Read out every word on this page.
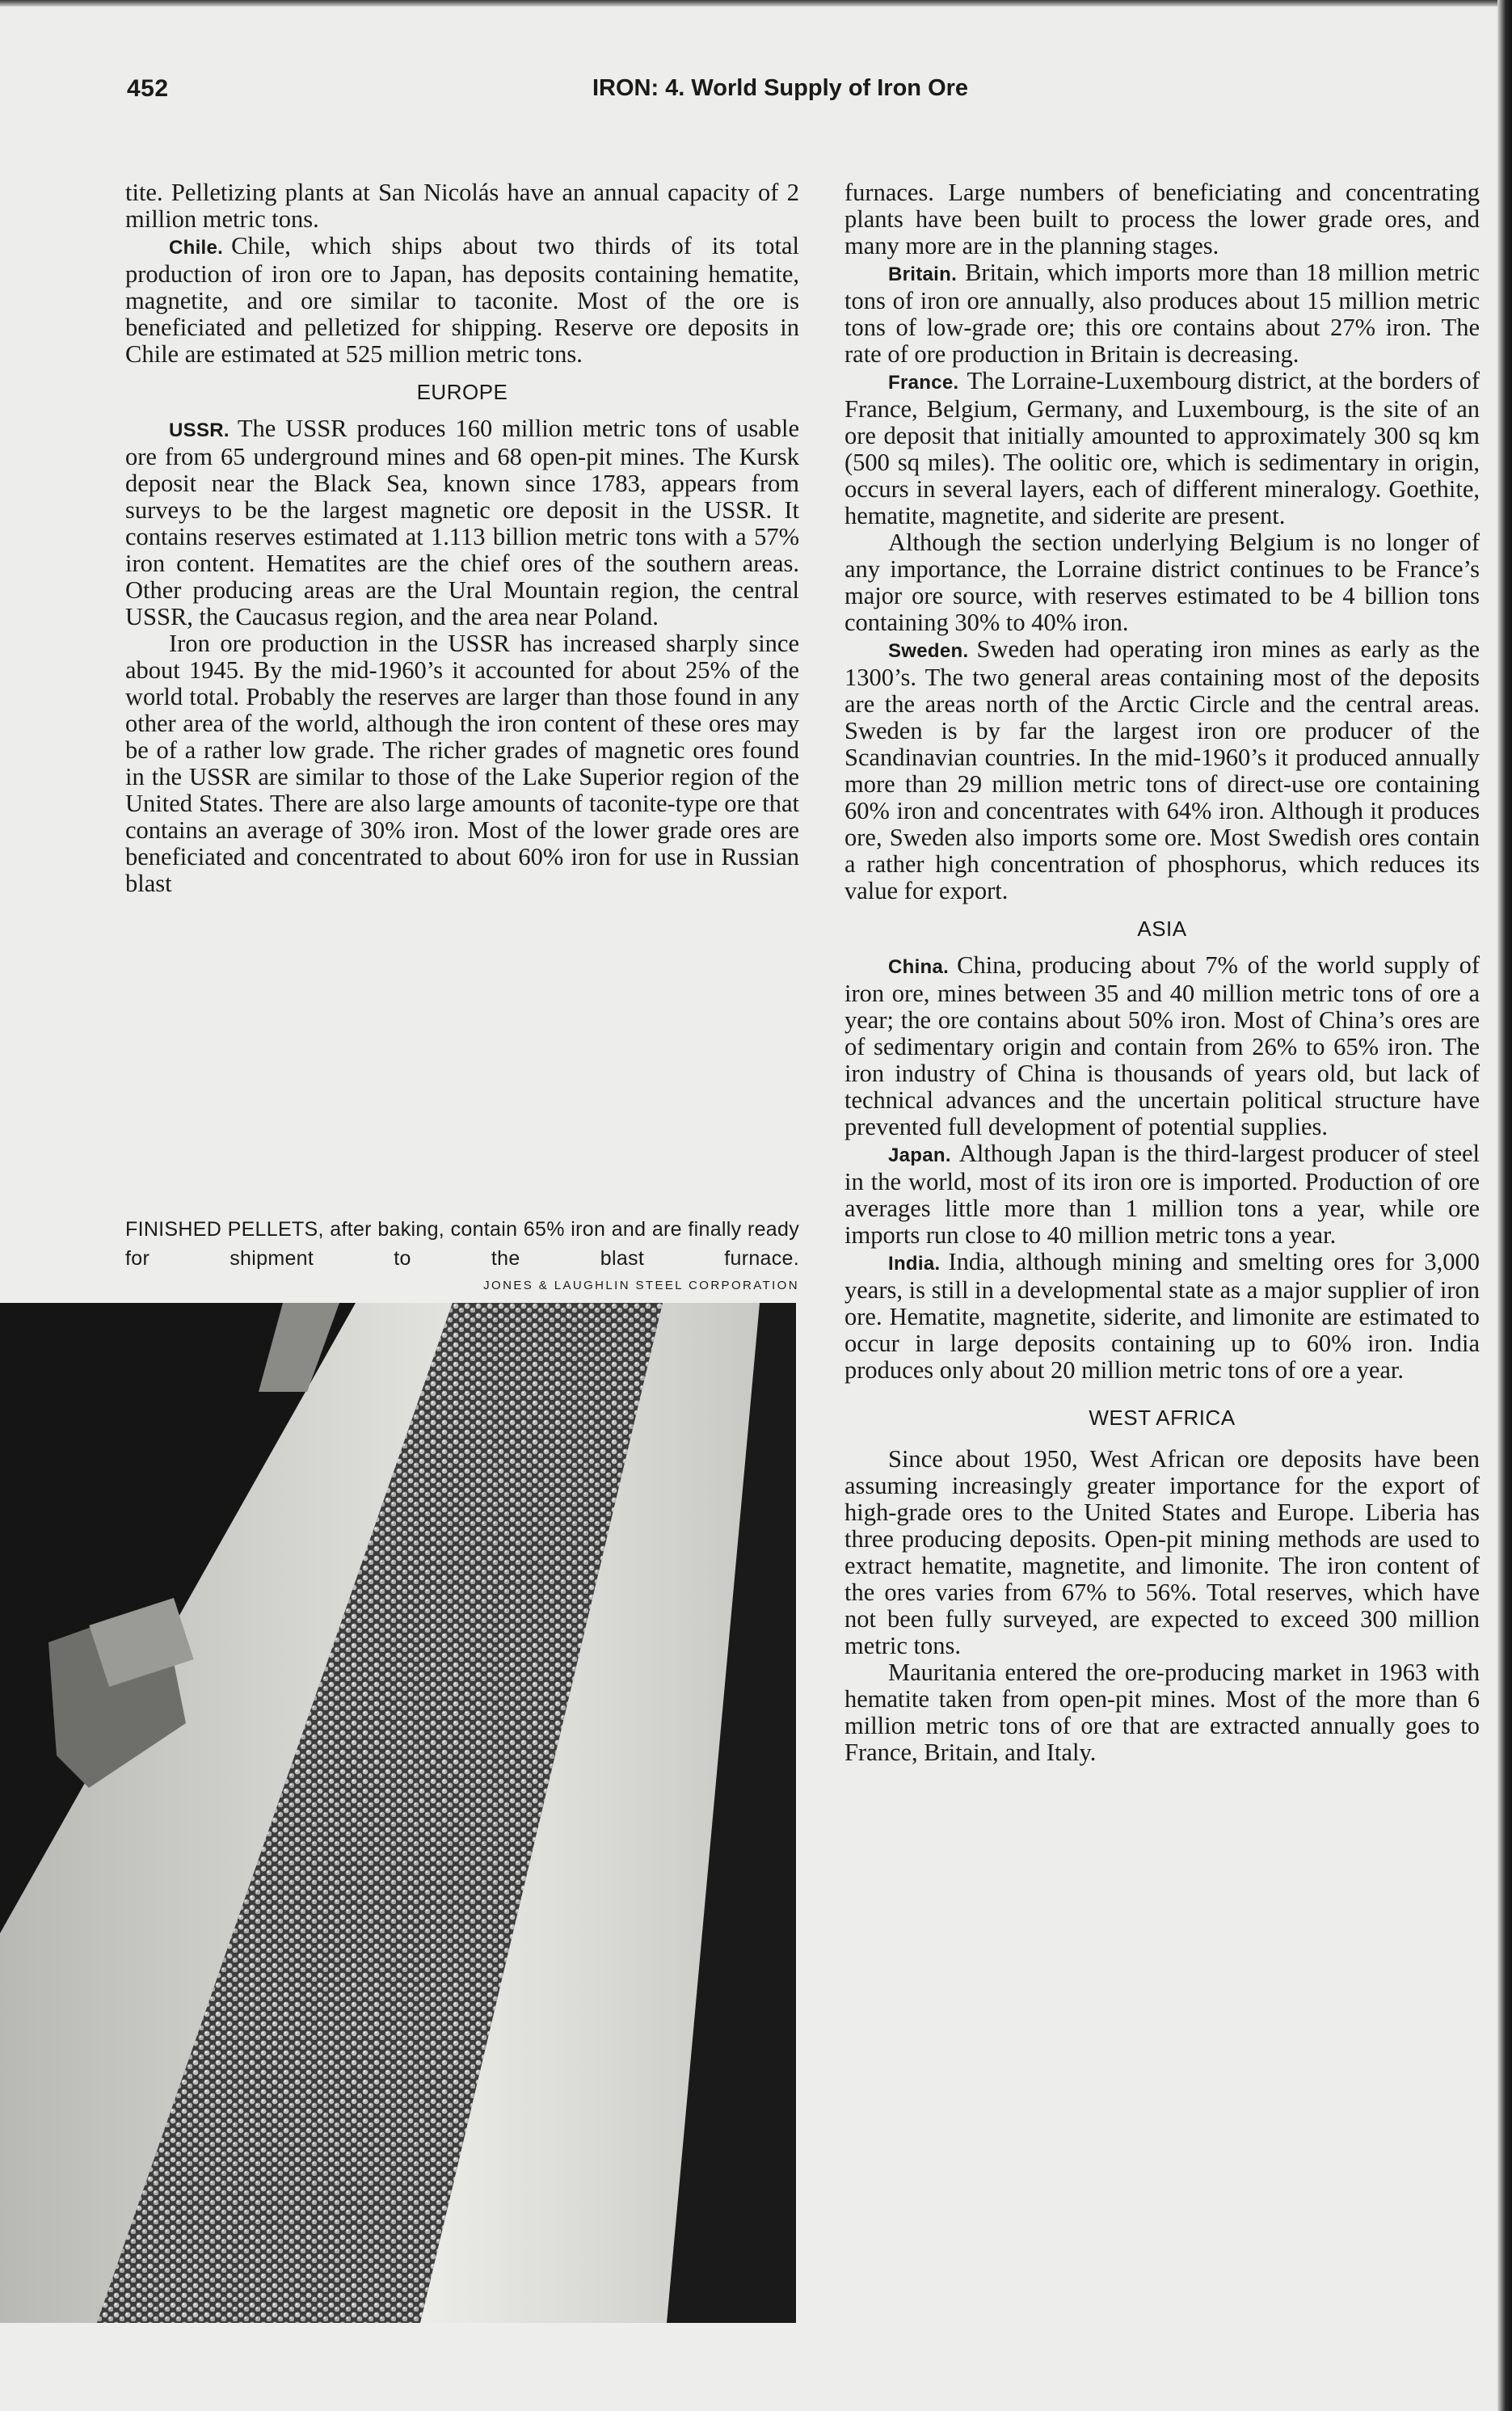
452	IRON: 4. World Supply of Iron Ore

tite. Pelletizing plants at San Nicolás have an annual capacity of 2 million metric tons.

Chile. Chile, which ships about two thirds of its total production of iron ore to Japan, has deposits containing hematite, magnetite, and ore similar to taconite. Most of the ore is beneficiated and pelletized for shipping. Reserve ore deposits in Chile are estimated at 525 million metric tons.

EUROPE

USSR. The USSR produces 160 million metric tons of usable ore from 65 underground mines and 68 open-pit mines. The Kursk deposit near the Black Sea, known since 1783, appears from surveys to be the largest magnetic ore deposit in the USSR. It contains reserves estimated at 1.113 billion metric tons with a 57% iron content. Hematites are the chief ores of the southern areas. Other producing areas are the Ural Mountain region, the central USSR, the Caucasus region, and the area near Poland.

Iron ore production in the USSR has increased sharply since about 1945. By the mid-1960’s it accounted for about 25% of the world total. Probably the reserves are larger than those found in any other area of the world, although the iron content of these ores may be of a rather low grade. The richer grades of magnetic ores found in the USSR are similar to those of the Lake Superior region of the United States. There are also large amounts of taconite-type ore that contains an average of 30% iron. Most of the lower grade ores are beneficiated and concentrated to about 60% iron for use in Russian blast

FINISHED PELLETS, after baking, contain 65% iron and are finally ready for shipment to the blast furnace.
JONES & LAUGHLIN STEEL CORPORATION

furnaces. Large numbers of beneficiating and concentrating plants have been built to process the lower grade ores, and many more are in the planning stages.

Britain. Britain, which imports more than 18 million metric tons of iron ore annually, also produces about 15 million metric tons of low-grade ore; this ore contains about 27% iron. The rate of ore production in Britain is decreasing.

France. The Lorraine-Luxembourg district, at the borders of France, Belgium, Germany, and Luxembourg, is the site of an ore deposit that initially amounted to approximately 300 sq km (500 sq miles). The oolitic ore, which is sedimentary in origin, occurs in several layers, each of different mineralogy. Goethite, hematite, magnetite, and siderite are present.

Although the section underlying Belgium is no longer of any importance, the Lorraine district continues to be France’s major ore source, with reserves estimated to be 4 billion tons containing 30% to 40% iron.

Sweden. Sweden had operating iron mines as early as the 1300’s. The two general areas containing most of the deposits are the areas north of the Arctic Circle and the central areas. Sweden is by far the largest iron ore producer of the Scandinavian countries. In the mid-1960’s it produced annually more than 29 million metric tons of direct-use ore containing 60% iron and concentrates with 64% iron. Although it produces ore, Sweden also imports some ore. Most Swedish ores contain a rather high concentration of phosphorus, which reduces its value for export.

ASIA

China. China, producing about 7% of the world supply of iron ore, mines between 35 and 40 million metric tons of ore a year; the ore contains about 50% iron. Most of China’s ores are of sedimentary origin and contain from 26% to 65% iron. The iron industry of China is thousands of years old, but lack of technical advances and the uncertain political structure have prevented full development of potential supplies.

Japan. Although Japan is the third-largest producer of steel in the world, most of its iron ore is imported. Production of ore averages little more than 1 million tons a year, while ore imports run close to 40 million metric tons a year.

India. India, although mining and smelting ores for 3,000 years, is still in a developmental state as a major supplier of iron ore. Hematite, magnetite, siderite, and limonite are estimated to occur in large deposits containing up to 60% iron. India produces only about 20 million metric tons of ore a year.

WEST AFRICA

Since about 1950, West African ore deposits have been assuming increasingly greater importance for the export of high-grade ores to the United States and Europe. Liberia has three producing deposits. Open-pit mining methods are used to extract hematite, magnetite, and limonite. The iron content of the ores varies from 67% to 56%. Total reserves, which have not been fully surveyed, are expected to exceed 300 million metric tons.

Mauritania entered the ore-producing market in 1963 with hematite taken from open-pit mines. Most of the more than 6 million metric tons of ore that are extracted annually goes to France, Britain, and Italy.
